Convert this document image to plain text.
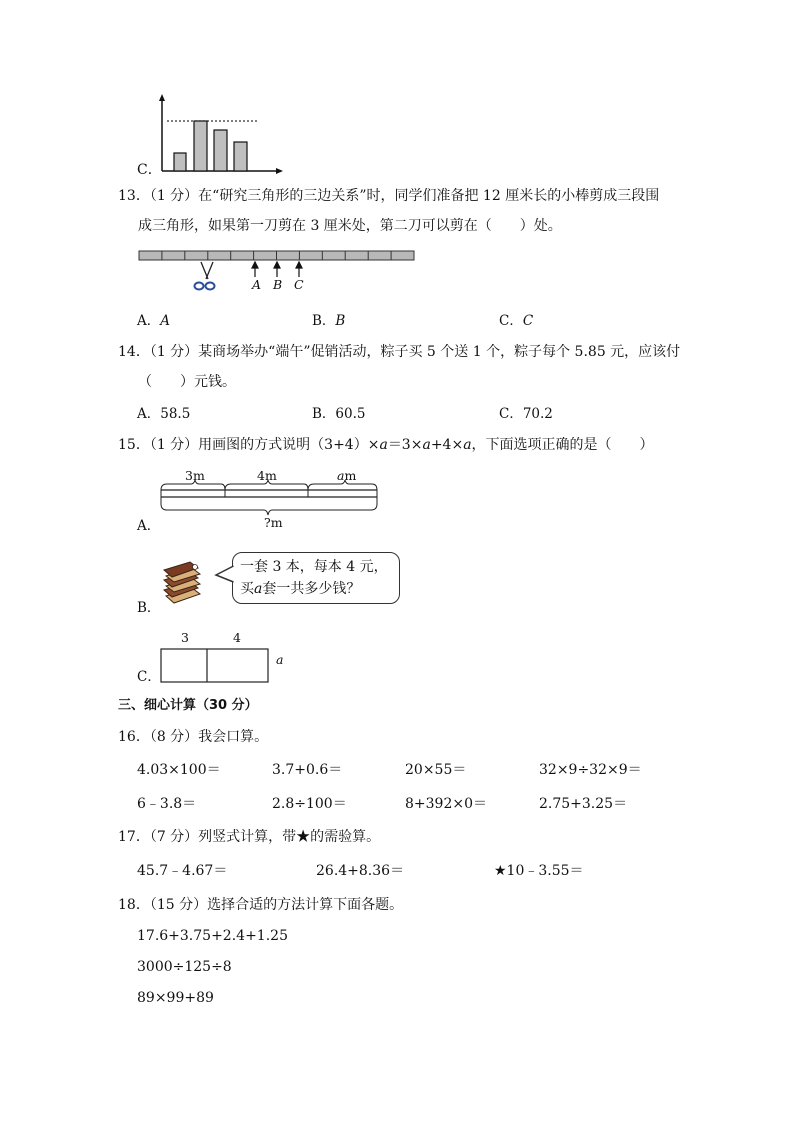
C．
13．（1 分）在“研究三角形的三边关系”时，同学们准备把 12 厘米长的小棒剪成三段围
成三角形，如果第一刀剪在 3 厘米处，第二刀可以剪在（　　）处。
A B C
A．A	B．B	C．C
14．（1 分）某商场举办“端午”促销活动，粽子买 5 个送 1 个，粽子每个 5.85 元，应该付
（　　）元钱。
A．58.5	B．60.5	C．70.2
15．（1 分）用画图的方式说明（3+4）×a＝3×a+4×a，下面选项正确的是（　　）
3m	4m	am
A．	?m
一套 3 本，每本 4 元，
买a套一共多少钱？
B．
3	4
a
C．
三、细心计算（30 分）
16．（8 分）我会口算。
4.03×100＝	3.7+0.6＝	20×55＝	32×9÷32×9＝
6﹣3.8＝	2.8÷100＝	8+392×0＝	2.75+3.25＝
17．（7 分）列竖式计算，带★的需验算。
45.7﹣4.67＝	26.4+8.36＝	★10﹣3.55＝
18．（15 分）选择合适的方法计算下面各题。
17.6+3.75+2.4+1.25
3000÷125÷8
89×99+89
